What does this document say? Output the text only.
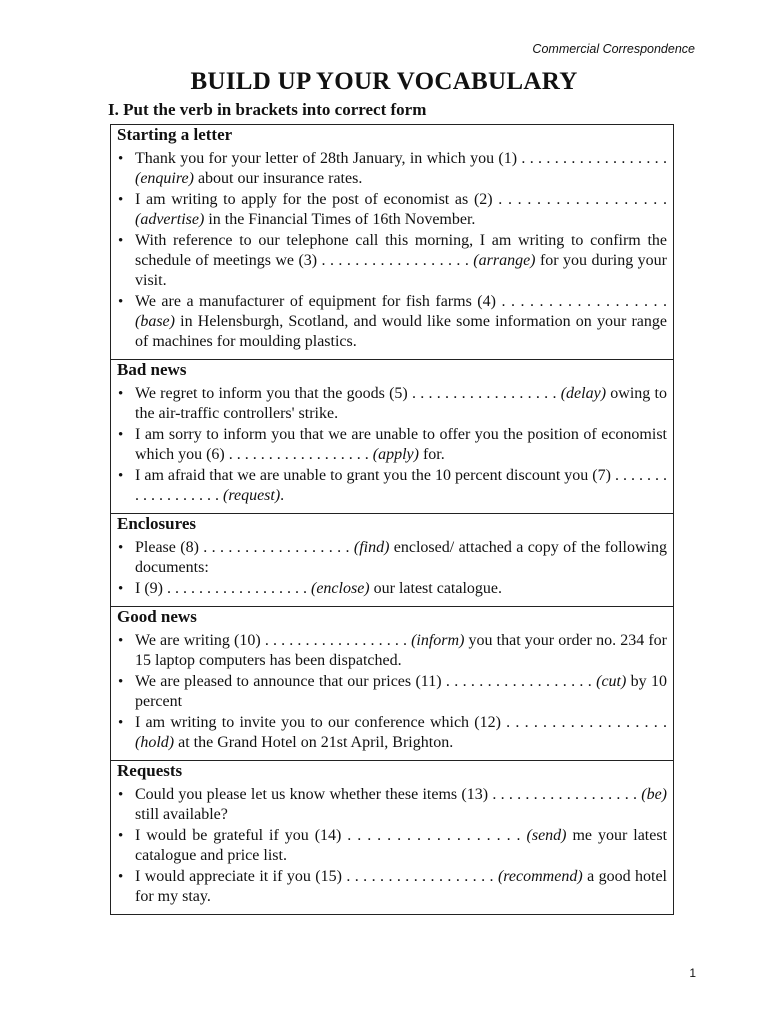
Commercial Correspondence
BUILD UP YOUR VOCABULARY

I. Put the verb in brackets into correct form

Starting a letter

• Thank you for your letter of 28th January, in which you (1) . . . . . . . . . . . . . . . . . . (enquire) about our insurance rates.
• I am writing to apply for the post of economist as (2) . . . . . . . . . . . . . . . . . . (advertise) in the Financial Times of 16th November.
• With reference to our telephone call this morning, I am writing to confirm the schedule of meetings we (3) . . . . . . . . . . . . . . . . . . (arrange) for you during your visit.
• We are a manufacturer of equipment for fish farms (4) . . . . . . . . . . . . . . . . . . (base) in Helensburgh, Scotland, and would like some information on your range of machines for moulding plastics.

Bad news

• We regret to inform you that the goods (5) . . . . . . . . . . . . . . . . . . (delay) owing to the air-traffic controllers' strike.
• I am sorry to inform you that we are unable to offer you the position of economist which you (6) . . . . . . . . . . . . . . . . . . (apply) for.
• I am afraid that we are unable to grant you the 10 percent discount you (7) . . . . . . . . . . . . . . . . . . (request).

Enclosures

• Please (8) . . . . . . . . . . . . . . . . . . (find) enclosed/ attached a copy of the following documents:
• I (9) . . . . . . . . . . . . . . . . . . (enclose) our latest catalogue.

Good news

• We are writing (10) . . . . . . . . . . . . . . . . . . (inform) you that your order no. 234 for 15 laptop computers has been dispatched.
• We are pleased to announce that our prices (11) . . . . . . . . . . . . . . . . . . (cut) by 10 percent
• I am writing to invite you to our conference which (12) . . . . . . . . . . . . . . . . . . (hold) at the Grand Hotel on 21st April, Brighton.

Requests

• Could you please let us know whether these items (13) . . . . . . . . . . . . . . . . . . (be) still available?
• I would be grateful if you (14) . . . . . . . . . . . . . . . . . . (send) me your latest catalogue and price list.
• I would appreciate it if you (15) . . . . . . . . . . . . . . . . . . (recommend) a good hotel for my stay.
1
